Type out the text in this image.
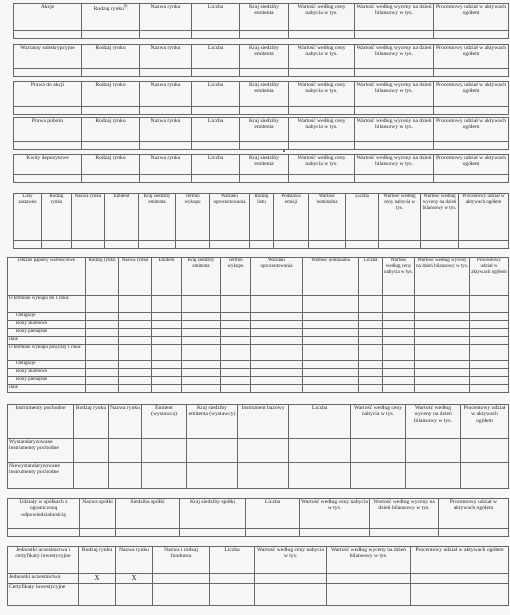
Akcje	Rodzaj rynku$^{6)}$	Nazwa rynku	Liczba	Kraj siedziby emitenta	Wartość według ceny nabycia w tys.	Wartość według wyceny na dzień bilansowy w tys.	Procentowy udział w aktywach ogółem

Warranty subskrypcyjne	Rodzaj rynku	Nazwa rynku	Liczba	Kraj siedziby emitenta	Wartość według ceny nabycia w tys.	Wartość według wyceny na dzień bilansowy w tys.	Procentowy udział w aktywach ogółem

Prawa do akcji	Rodzaj rynku	Nazwa rynku	Liczba	Kraj siedziby emitenta	Wartość według ceny nabycia w tys.	Wartość według wyceny na dzień bilansowy w tys.	Procentowy udział w aktywach ogółem

Prawa poboru	Rodzaj rynku	Nazwa rynku	Liczba	Kraj siedziby emitenta	Wartość według ceny nabycia w tys.	Wartość według wyceny na dzień bilansowy w tys.	Procentowy udział w aktywach ogółem

Kwity depozytowe	Rodzaj rynku	Nazwa rynku	Liczba	Kraj siedziby emitenta	Wartość według ceny nabycia w tys.	Wartość według wyceny na dzień bilansowy w tys.	Procentowy udział w aktywach ogółem

Listy zastawne	Rodzaj rynku	Nazwa rynku	Emitent	Kraj siedziby emitenta	Termin wykupu	Warunki oprocentowania	Rodzaj listu	Podstawa emisji	Wartość nominalna	Liczba	Wartość według ceny nabycia w tys.	Wartość według wyceny na dzień bilansowy w tys.	Procentowy udział w aktywach ogółem

Dłużne papiery wartościowe	Rodzaj rynku	Nazwa rynku	Emitent	Kraj siedziby emitenta	Termin wykupu	Warunki oprocentowania	Wartość nominalna	Liczba	Wartość według ceny nabycia w tys.	Wartość według wyceny na dzień bilansowy w tys.	Procentowy udział w aktywach ogółem
O terminie wykupu do 1 roku:											
Obligacje											
Bony skarbowe											
Bony pieniężne											
Inne											
O terminie wykupu powyżej 1 roku:											
Obligacje											
Bony skarbowe											
Bony pieniężne											
Inne											
Instrumenty pochodne	Rodzaj rynku	Nazwa rynku	Emitent (wystawca)	Kraj siedziby emitenta (wystawcy)	Instrument bazowy	Liczba	Wartość według ceny nabycia w tys.	Wartość według wyceny na dzień bilansowy w tys.	Procentowy udział w aktywach ogółem
Wystandaryzowane instrumenty pochodne									
Niewystandaryzowane instrumenty pochodne									
Udziały w spółkach z ograniczoną odpowiedzialnością	Nazwa spółki	Siedziba spółki	Kraj siedziby spółki	Liczba	Wartość według ceny nabycia w tys.	Wartość według wyceny na dzień bilansowy w tys.	Procentowy udział w aktywach ogółem

Jednostki uczestnictwa i certyfikaty inwestycyjne	Rodzaj rynku	Nazwa rynku	Nazwa i rodzaj funduszu	Liczba	Wartość według ceny nabycia w tys.	Wartość według wyceny na dzień bilansowy w tys.	Procentowy udział w aktywach ogółem
Jednostki uczestnictwa	X	X					
Certyfikaty inwestycyjne							
